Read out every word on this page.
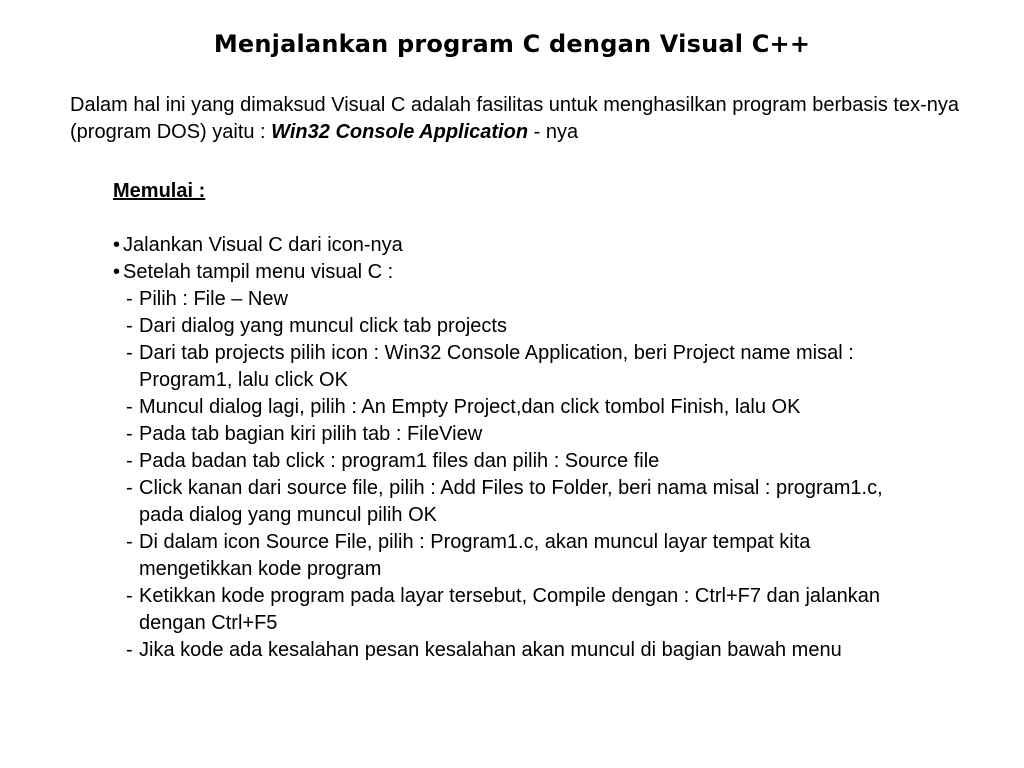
Menjalankan program C dengan Visual C++
Dalam hal ini yang dimaksud Visual C adalah fasilitas untuk menghasilkan program berbasis tex-nya (program DOS) yaitu : Win32 Console Application - nya
Memulai :
• Jalankan Visual C dari icon-nya
• Setelah tampil menu visual C :
- Pilih : File – New
- Dari dialog yang muncul click tab projects
- Dari tab projects pilih icon : Win32 Console Application, beri Project name misal : Program1, lalu click OK
- Muncul dialog lagi, pilih : An Empty Project,dan click tombol Finish, lalu OK
- Pada tab bagian kiri pilih tab : FileView
- Pada badan tab click : program1 files dan pilih : Source file
- Click kanan dari source file, pilih : Add Files to Folder, beri nama misal : program1.c, pada dialog yang muncul pilih OK
- Di dalam icon Source File, pilih : Program1.c, akan muncul layar tempat kita mengetikkan kode program
- Ketikkan kode program pada layar tersebut, Compile dengan : Ctrl+F7 dan jalankan dengan Ctrl+F5
- Jika kode ada kesalahan pesan kesalahan akan muncul di bagian bawah menu
